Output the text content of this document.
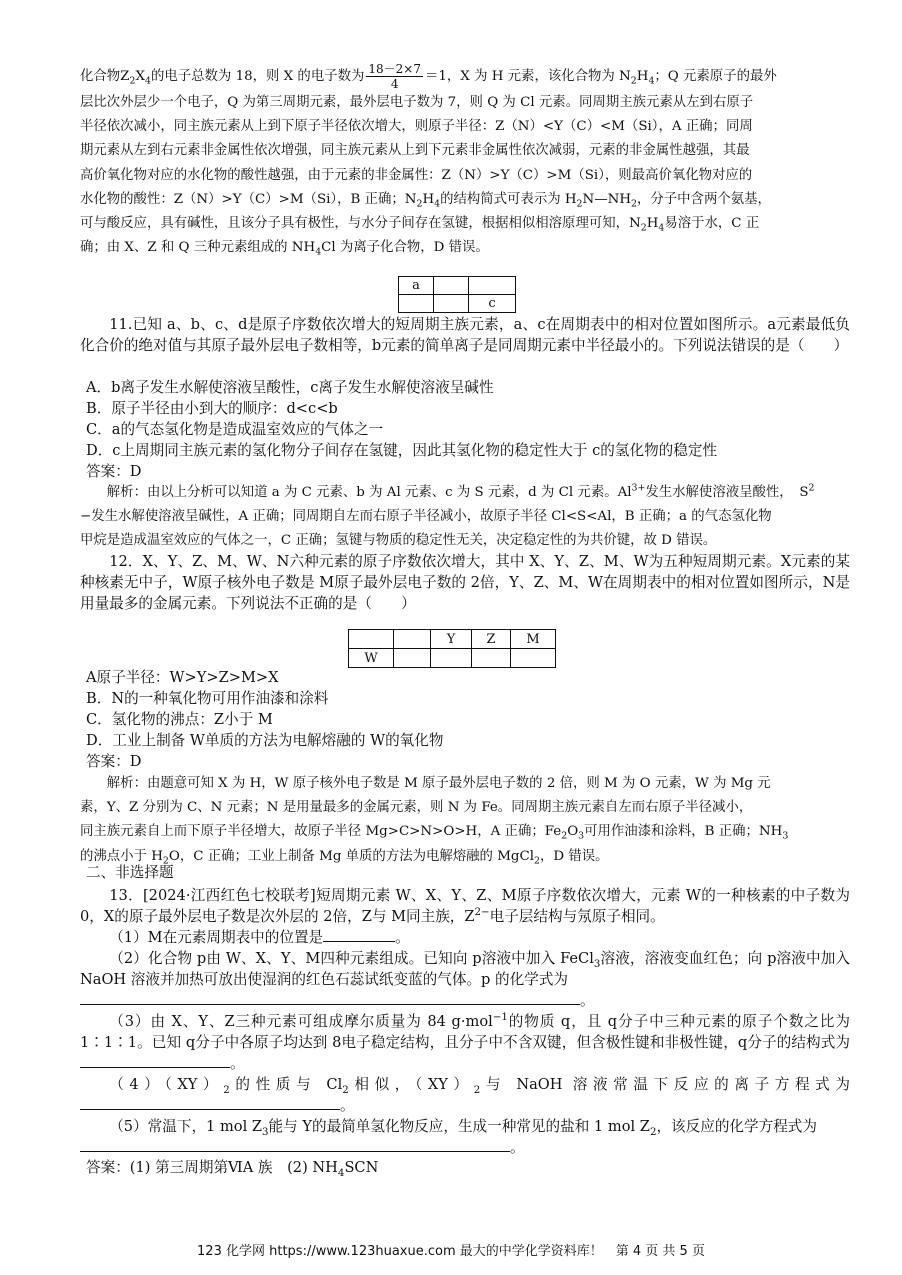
化合物$Z_2X_4$的电子总数为 18，则 X 的电子数为 $\frac{18-2\times 7}{4} =1$，X 为 H 元素，该化合物为 $N_2H_4$；Q 元素原子的最外

层比次外层少一个电子，Q 为第三周期元素，最外层电子数为 7，则 Q 为 Cl 元素。同周期主族元素从左到右原子

半径依次减小，同主族元素从上到下原子半径依次增大，则原子半径：Z（N）<Y（C）<M（Si），A 正确；同周

期元素从左到右元素非金属性依次增强，同主族元素从上到下元素非金属性依次减弱，元素的非金属性越强，其最

高价氧化物对应的水化物的酸性越强，由于元素的非金属性：Z（N）>Y（C）>M（Si），则最高价氧化物对应的

水化物的酸性：Z（N）>Y（C）>M（Si），B 正确；$N_2H_4$的结构简式可表示为 $H_2N—NH_2$，分子中含两个氨基，

可与酸反应，具有碱性，且该分子具有极性，与水分子间存在氢键，根据相似相溶原理可知，$N_2H_4$易溶于水，C 正

确；由 X、Z 和 Q 三种元素组成的 $NH_4Cl$ 为离子化合物，D 错误。

a		
		c

11.已知 a、b、c、d是原子序数依次增大的短周期主族元素，a、c在周期表中的相对位置如图所示。a元素最低负化合价的绝对值与其原子最外层电子数相等，b元素的简单离子是同周期元素中半径最小的。下列说法错误的是（　　）

A．b离子发生水解使溶液呈酸性，c离子发生水解使溶液呈碱性

B．原子半径由小到大的顺序：d<c<b

C．a的气态氢化物是造成温室效应的气体之一

D．c上周期同主族元素的氢化物分子间存在氢键，因此其氢化物的稳定性大于 c的氢化物的稳定性

答案：D

解析：由以上分析可以知道 a 为 C 元素、b 为 Al 元素、c 为 S 元素，d 为 Cl 元素。$Al^{3+}$发生水解使溶液呈酸性，　$S^2$

−发生水解使溶液呈碱性，A 正确；同周期自左而右原子半径减小，故原子半径 Cl<S<Al，B 正确；a 的气态氢化物

甲烷是造成温室效应的气体之一，C 正确；氢键与物质的稳定性无关，决定稳定性的为共价键，故 D 错误。

12．X、Y、Z、M、W、N六种元素的原子序数依次增大，其中 X、Y、Z、M、W为五种短周期元素。X元素的某种核素无中子，W原子核外电子数是 M原子最外层电子数的 2倍，Y、Z、M、W在周期表中的相对位置如图所示，N是用量最多的金属元素。下列说法不正确的是（　　）

		Y	Z	M
W				

A原子半径：W>Y>Z>M>X

B．N的一种氧化物可用作油漆和涂料

C．氢化物的沸点：Z小于 M

D．工业上制备 W单质的方法为电解熔融的 W的氧化物

答案：D

解析：由题意可知 X 为 H，W 原子核外电子数是 M 原子最外层电子数的 2 倍，则 M 为 O 元素，W 为 Mg 元

素，Y、Z 分别为 C、N 元素；N 是用量最多的金属元素，则 N 为 Fe。同周期主族元素自左而右原子半径减小，

同主族元素自上而下原子半径增大，故原子半径 Mg>C>N>O>H，A 正确；$Fe_2O_3$可用作油漆和涂料，B 正确；$NH_3$

的沸点小于 $H_2O$，C 正确；工业上制备 Mg 单质的方法为电解熔融的 MgCl$_2$，D 错误。

二、非选择题

13．[2024·江西红色七校联考]短周期元素 W、X、Y、Z、M原子序数依次增大，元素 W的一种核素的中子数为 0，X的原子最外层电子数是次外层的 2倍，Z与 M同主族，$Z^{2-}$电子层结构与氖原子相同。

（1）M在元素周期表中的位置是	。

（2）化合物 p由 W、X、Y、M四种元素组成。已知向 p溶液中加入 FeCl$_3$溶液，溶液变血红色；向 p溶液中加入 NaOH 溶液并加热可放出使湿润的红色石蕊试纸变蓝的气体。p 的化学式为
。

（3）由 X、Y、Z三种元素可组成摩尔质量为 84 g·mol$^{-1}$的物质 q，且 q分子中三种元素的原子个数之比为 1∶1∶1。已知 q分子中各原子均达到 8电子稳定结构，且分子中不含双键，但含极性键和非极性键，q分子的结构式为。

$(4)(XY)_2$的性质与 $Cl_2$相似，$(XY)_2$与 NaOH 溶液常温下反应的离子方程式为。

（5）常温下，1 mol $Z_3$能与 Y的最简单氢化物反应，生成一种常见的盐和 1 mol $Z_2$，该反应的化学方程式为
。

答案：(1) 第三周期第ⅥA 族　(2) $NH_4SCN$

123 化学网 https://www.123huaxue.com 最大的中学化学资料库！　第 4 页 共 5 页
